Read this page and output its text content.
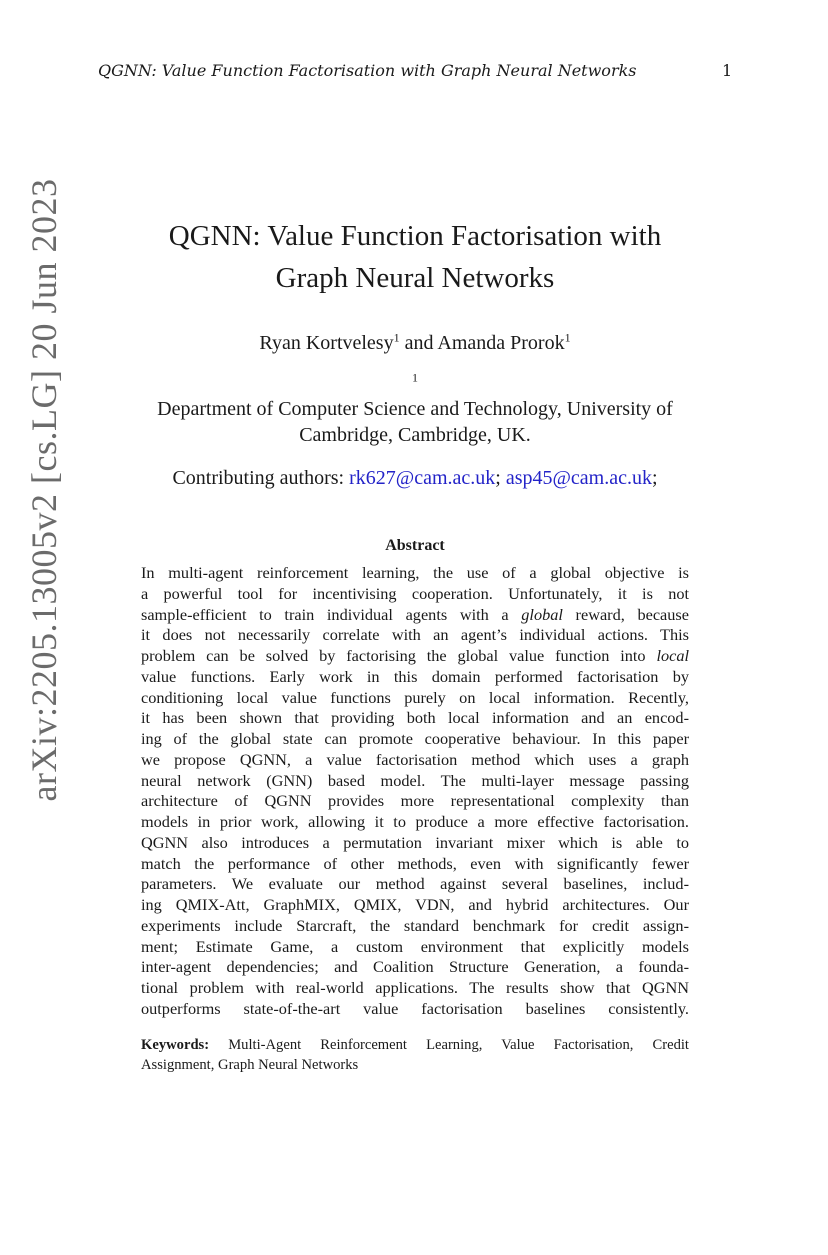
QGNN: Value Function Factorisation with Graph Neural Networks	1
arXiv:2205.13005v2 [cs.LG] 20 Jun 2023	QGNN: Value Function Factorisation with
Graph Neural Networks
Ryan Kortvelesy$^1$ and Amanda Prorok$^1$
$^1$
Department of Computer Science and Technology, University of
Cambridge, Cambridge, UK.
Contributing authors: rk627@cam.ac.uk; asp45@cam.ac.uk;
Abstract
In multi-agent reinforcement learning, the use of a global objective is
a powerful tool for incentivising cooperation. Unfortunately, it is not
sample-efficient to train individual agents with a global reward, because
it does not necessarily correlate with an agent’s individual actions. This
problem can be solved by factorising the global value function into local
value functions. Early work in this domain performed factorisation by
conditioning local value functions purely on local information. Recently,
it has been shown that providing both local information and an encod-
ing of the global state can promote cooperative behaviour. In this paper
we propose QGNN, a value factorisation method which uses a graph
neural network (GNN) based model. The multi-layer message passing
architecture of QGNN provides more representational complexity than
models in prior work, allowing it to produce a more effective factorisation.
QGNN also introduces a permutation invariant mixer which is able to
match the performance of other methods, even with significantly fewer
parameters. We evaluate our method against several baselines, includ-
ing QMIX-Att, GraphMIX, QMIX, VDN, and hybrid architectures. Our
experiments include Starcraft, the standard benchmark for credit assign-
ment; Estimate Game, a custom environment that explicitly models
inter-agent dependencies; and Coalition Structure Generation, a founda-
tional problem with real-world applications. The results show that QGNN
outperforms state-of-the-art value factorisation baselines consistently.
Keywords: Multi-Agent Reinforcement Learning, Value Factorisation, Credit
Assignment, Graph Neural Networks
